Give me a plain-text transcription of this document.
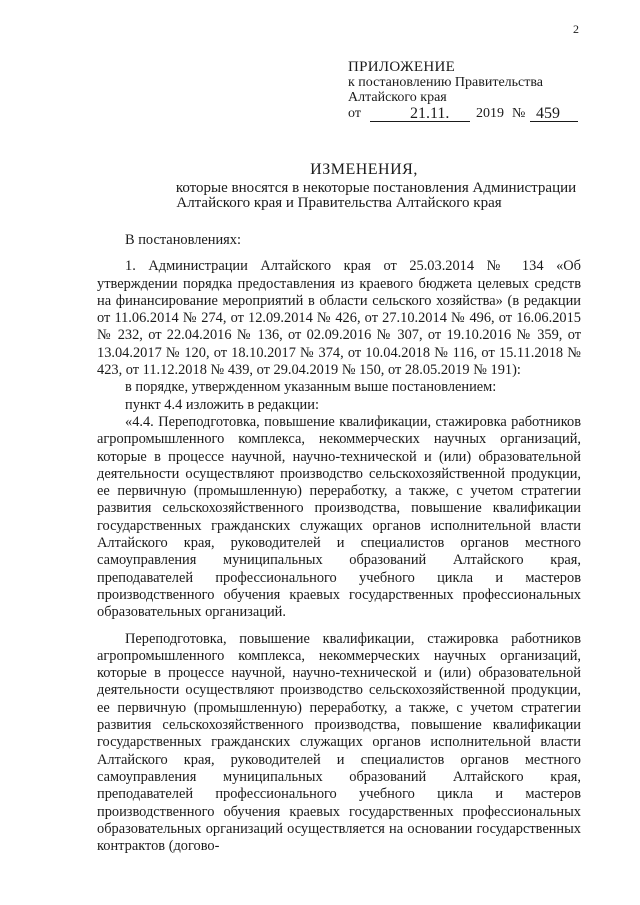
2
ПРИЛОЖЕНИЕ
к постановлению Правительства
Алтайского края
от	21.11. 2019 № 459
ИЗМЕНЕНИЯ,
которые вносятся в некоторые постановления Администрации
Алтайского края и Правительства Алтайского края

В постановлениях:

1. Администрации Алтайского края от 25.03.2014 № 134 «Об утверждении порядка предоставления из краевого бюджета целевых средств на финансирование мероприятий в области сельского хозяйства» (в редакции от 11.06.2014 № 274, от 12.09.2014 № 426, от 27.10.2014 № 496, от 16.06.2015 № 232, от 22.04.2016 № 136, от 02.09.2016 № 307, от 19.10.2016 № 359, от 13.04.2017 № 120, от 18.10.2017 № 374, от 10.04.2018 № 116, от 15.11.2018 № 423, от 11.12.2018 № 439, от 29.04.2019 № 150, от 28.05.2019 № 191):

в порядке, утвержденном указанным выше постановлением:

пункт 4.4 изложить в редакции:

«4.4. Переподготовка, повышение квалификации, стажировка работников агропромышленного комплекса, некоммерческих научных организаций, которые в процессе научной, научно-технической и (или) образовательной деятельности осуществляют производство сельскохозяйственной продукции, ее первичную (промышленную) переработку, а также, с учетом стратегии развития сельскохозяйственного производства, повышение квалификации государственных гражданских служащих органов исполнительной власти Алтайского края, руководителей и специалистов органов местного самоуправления муниципальных образований Алтайского края, преподавателей профессионального учебного цикла и мастеров производственного обучения краевых государственных профессиональных образовательных организаций.

Переподготовка, повышение квалификации, стажировка работников агропромышленного комплекса, некоммерческих научных организаций, которые в процессе научной, научно-технической и (или) образовательной деятельности осуществляют производство сельскохозяйственной продукции, ее первичную (промышленную) переработку, а также, с учетом стратегии развития сельскохозяйственного производства, повышение квалификации государственных гражданских служащих органов исполнительной власти Алтайского края, руководителей и специалистов органов местного самоуправления муниципальных образований Алтайского края, преподавателей профессионального учебного цикла и мастеров производственного обучения краевых государственных профессиональных образовательных организаций осуществляется на основании государственных контрактов (догово-
